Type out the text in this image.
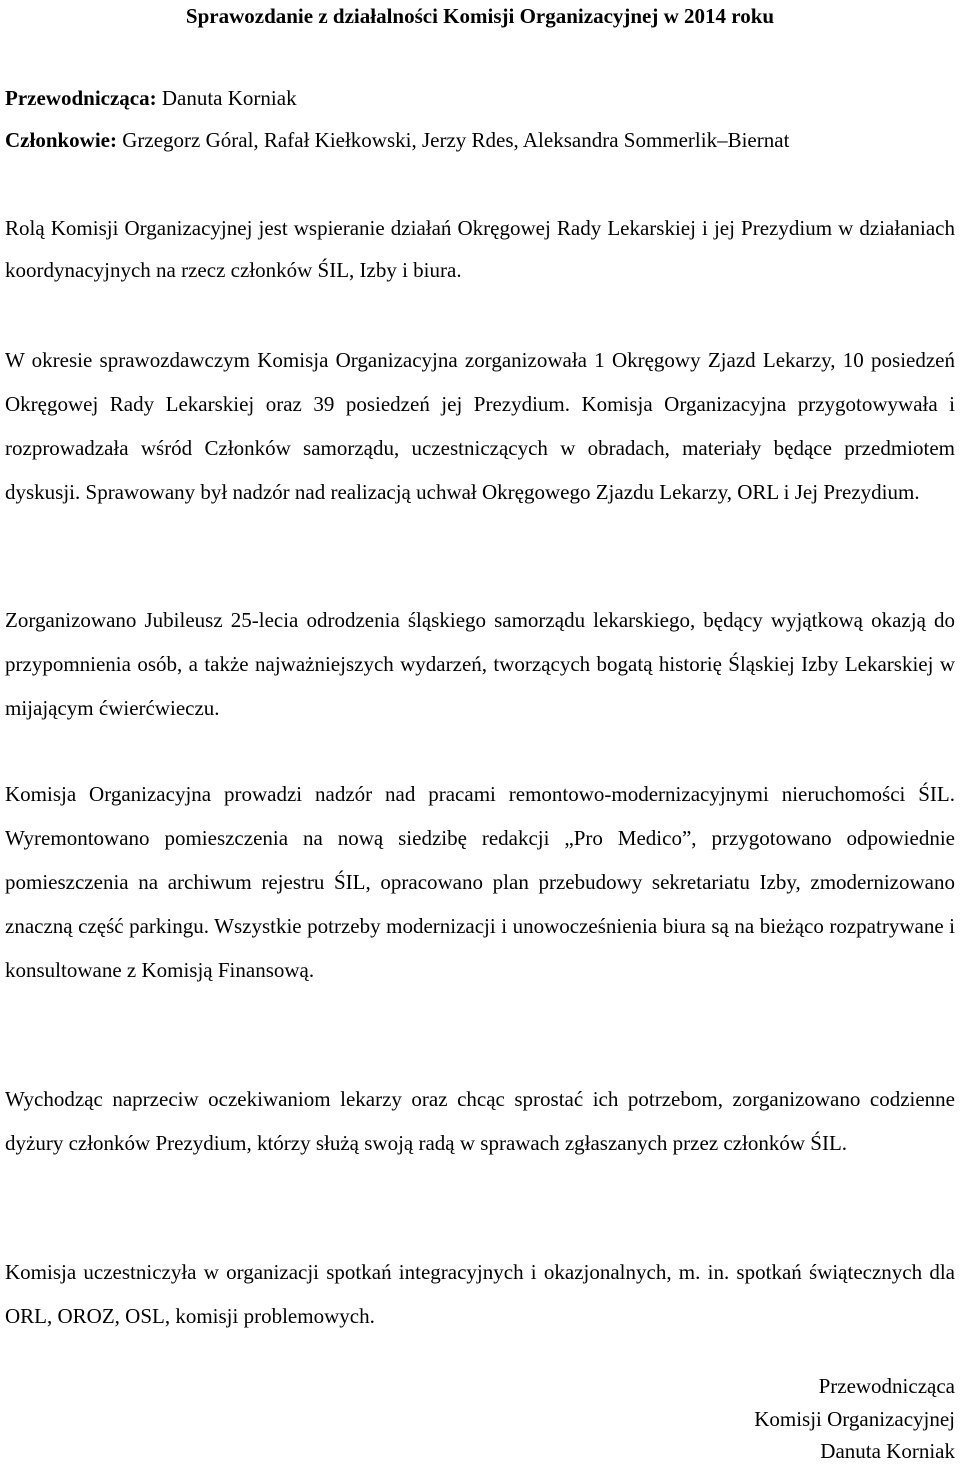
Sprawozdanie z działalności Komisji Organizacyjnej w 2014 roku
Przewodnicząca: Danuta Korniak
Członkowie: Grzegorz Góral, Rafał Kiełkowski, Jerzy Rdes, Aleksandra Sommerlik–Biernat

Rolą Komisji Organizacyjnej jest wspieranie działań Okręgowej Rady Lekarskiej i jej Prezydium w działaniach koordynacyjnych na rzecz członków ŚIL, Izby i biura.

W okresie sprawozdawczym Komisja Organizacyjna zorganizowała 1 Okręgowy Zjazd Lekarzy, 10 posiedzeń Okręgowej Rady Lekarskiej oraz 39 posiedzeń jej Prezydium. Komisja Organizacyjna przygotowywała i rozprowadzała wśród Członków samorządu, uczestniczących w obradach, materiały będące przedmiotem dyskusji. Sprawowany był nadzór nad realizacją uchwał Okręgowego Zjazdu Lekarzy, ORL i Jej Prezydium.

Zorganizowano Jubileusz 25-lecia odrodzenia śląskiego samorządu lekarskiego, będący wyjątkową okazją do przypomnienia osób, a także najważniejszych wydarzeń, tworzących bogatą historię Śląskiej Izby Lekarskiej w mijającym ćwierćwieczu.

Komisja Organizacyjna prowadzi nadzór nad pracami remontowo-modernizacyjnymi nieruchomości ŚIL. Wyremontowano pomieszczenia na nową siedzibę redakcji „Pro Medico”, przygotowano odpowiednie pomieszczenia na archiwum rejestru ŚIL, opracowano plan przebudowy sekretariatu Izby, zmodernizowano znaczną część parkingu. Wszystkie potrzeby modernizacji i unowocześnienia biura są na bieżąco rozpatrywane i konsultowane z Komisją Finansową.

Wychodząc naprzeciw oczekiwaniom lekarzy oraz chcąc sprostać ich potrzebom, zorganizowano codzienne dyżury członków Prezydium, którzy służą swoją radą w sprawach zgłaszanych przez członków ŚIL.

Komisja uczestniczyła w organizacji spotkań integracyjnych i okazjonalnych, m. in. spotkań świątecznych dla ORL, OROZ, OSL, komisji problemowych.

Przewodnicząca
Komisji Organizacyjnej
Danuta Korniak
